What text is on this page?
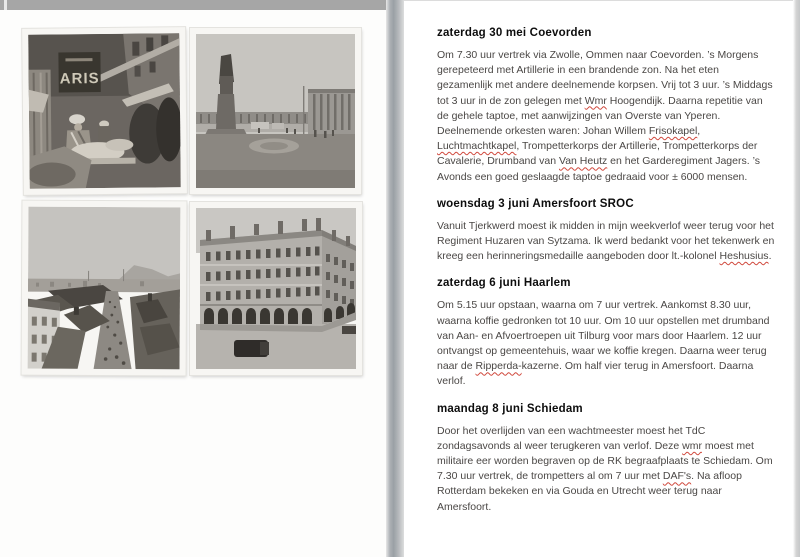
ARIS
zaterdag 30 mei Coevorden

Om 7.30 uur vertrek via Zwolle, Ommen naar Coevorden. ’s Morgens gerepeteerd met Artillerie in een brandende zon. Na het eten gezamenlijk met andere deelnemende korpsen. Vrij tot 3 uur. ’s Middags tot 3 uur in de zon gelegen met Wmr Hoogendijk. Daarna repetitie van de gehele taptoe, met aanwijzingen van Overste van Yperen. Deelnemende orkesten waren: Johan Willem Frisokapel, Luchtmachtkapel, Trompetterkorps der Artillerie, Trompetterkorps der Cavalerie, Drumband van Van Heutz en het Garderegiment Jagers. ’s Avonds een goed geslaagde taptoe gedraaid voor ± 6000 mensen.

woensdag 3 juni Amersfoort SROC

Vanuit Tjerkwerd moest ik midden in mijn weekverlof weer terug voor het Regiment Huzaren van Sytzama. Ik werd bedankt voor het tekenwerk en kreeg een herinneringsmedaille aangeboden door lt.-kolonel Heshusius.

zaterdag 6 juni Haarlem

Om 5.15 uur opstaan, waarna om 7 uur vertrek. Aankomst 8.30 uur, waarna koffie gedronken tot 10 uur. Om 10 uur opstellen met drumband van Aan- en Afvoertroepen uit Tilburg voor mars door Haarlem. 12 uur ontvangst op gemeentehuis, waar we koffie kregen. Daarna weer terug naar de Ripperda-kazerne. Om half vier terug in Amersfoort. Daarna verlof.

maandag 8 juni Schiedam

Door het overlijden van een wachtmeester moest het TdC zondagsavonds al weer terugkeren van verlof. Deze wmr moest met militaire eer worden begraven op de RK begraafplaats te Schiedam. Om 7.30 uur vertrek, de trompetters al om 7 uur met DAF's. Na afloop Rotterdam bekeken en via Gouda en Utrecht weer terug naar Amersfoort.
